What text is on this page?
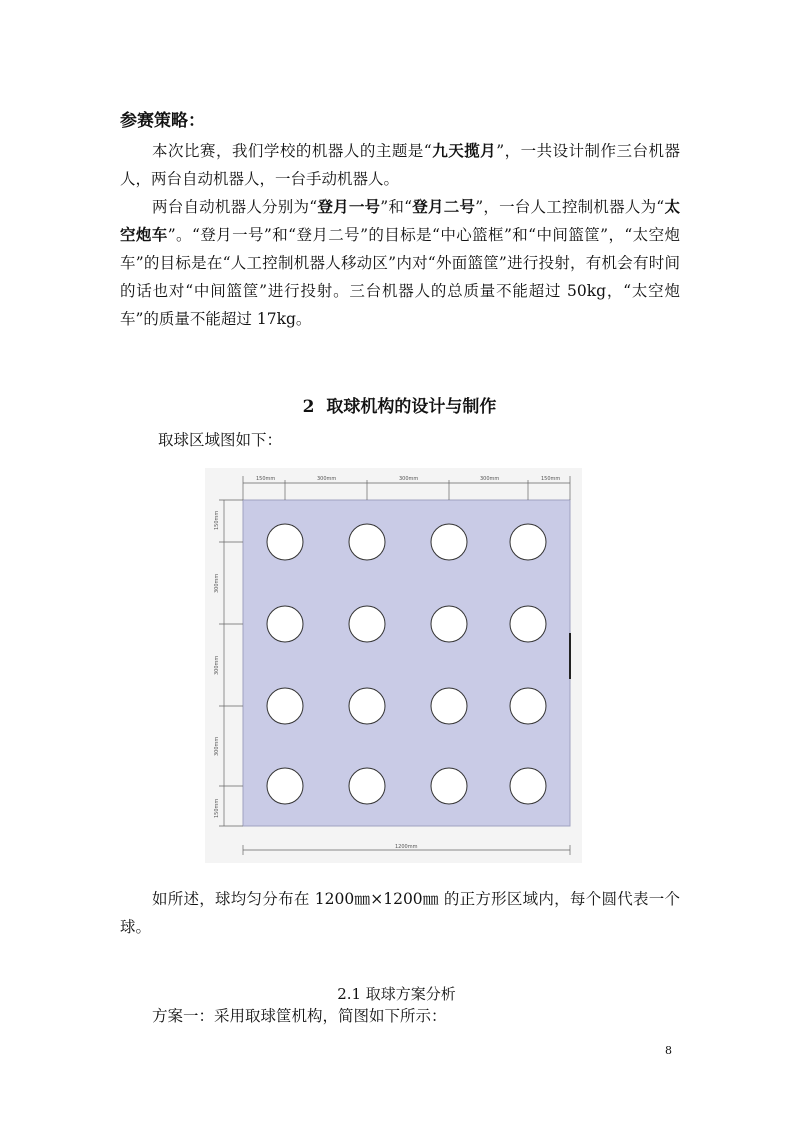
参赛策略：

本次比赛，我们学校的机器人的主题是“九天揽月”，一共设计制作三台机器人，两台自动机器人，一台手动机器人。

两台自动机器人分别为“登月一号”和“登月二号”，一台人工控制机器人为“太空炮车”。“登月一号”和“登月二号”的目标是“中心篮框”和“中间篮筐”，“太空炮车”的目标是在“人工控制机器人移动区”内对“外面篮筐”进行投射，有机会有时间的话也对“中间篮筐”进行投射。三台机器人的总质量不能超过 50kg，“太空炮车”的质量不能超过 17kg。

2 取球机构的设计与制作
取球区域图如下：
150mm	300mm	300mm	300mm	150mm
150mm
300mm
300mm
300mm
150mm
1200mm

如所述，球均匀分布在 1200㎜×1200㎜ 的正方形区域内，每个圆代表一个球。

2.1 取球方案分析
方案一：采用取球筐机构，简图如下所示：
8
